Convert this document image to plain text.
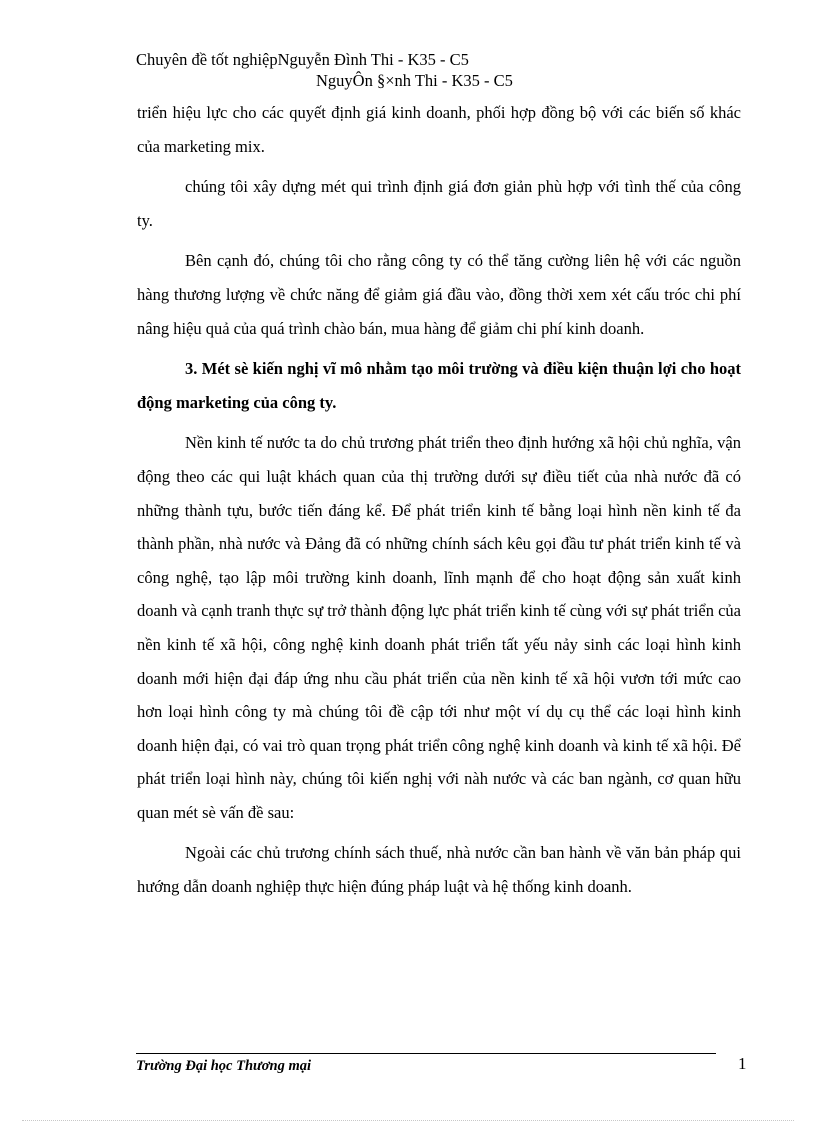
Chuyên đề tốt nghiệpNguyễn Đình Thi - K35 - C5
NguyÔn §×nh Thi - K35 - C5

triển hiệu lực cho các quyết định giá kinh doanh, phối hợp đồng bộ với các biến số khác của marketing mix.

chúng tôi xây dựng mét qui trình định giá đơn giản phù hợp với tình thế của công ty.

Bên cạnh đó, chúng tôi cho rằng công ty có thể tăng cường liên hệ với các nguồn hàng thương lượng về chức năng để giảm giá đầu vào, đồng thời xem xét cấu tróc chi phí nâng hiệu quả của quá trình chào bán, mua hàng để giảm chi phí kinh doanh.

3. Mét sè kiến nghị vĩ mô nhằm tạo môi trường và điều kiện thuận lợi cho hoạt động marketing của công ty.

Nền kinh tế nước ta do chủ trương phát triển theo định hướng xã hội chủ nghĩa, vận động theo các qui luật khách quan của thị trường dưới sự điều tiết của nhà nước đã có những thành tựu, bước tiến đáng kể. Để phát triển kinh tế bằng loại hình nền kinh tế đa thành phần, nhà nước và Đảng đã có những chính sách kêu gọi đầu tư phát triển kinh tế và công nghệ, tạo lập môi trường kinh doanh, lĩnh mạnh để cho hoạt động sản xuất kinh doanh và cạnh tranh thực sự trở thành động lực phát triển kinh tế cùng với sự phát triển của nền kinh tế xã hội, công nghệ kinh doanh phát triển tất yếu nảy sinh các loại hình kinh doanh mới hiện đại đáp ứng nhu cầu phát triển của nền kinh tế xã hội vươn tới mức cao hơn loại hình công ty mà chúng tôi đề cập tới như một ví dụ cụ thể các loại hình kinh doanh hiện đại, có vai trò quan trọng phát triển công nghệ kinh doanh và kinh tế xã hội. Để phát triển loại hình này, chúng tôi kiến nghị với nàh nước và các ban ngành, cơ quan hữu quan mét sè vấn đề sau:

Ngoài các chủ trương chính sách thuế, nhà nước cần ban hành về văn bản pháp qui hướng dẫn doanh nghiệp thực hiện đúng pháp luật và hệ thống kinh doanh.

Trường Đại học Thương mại	1
